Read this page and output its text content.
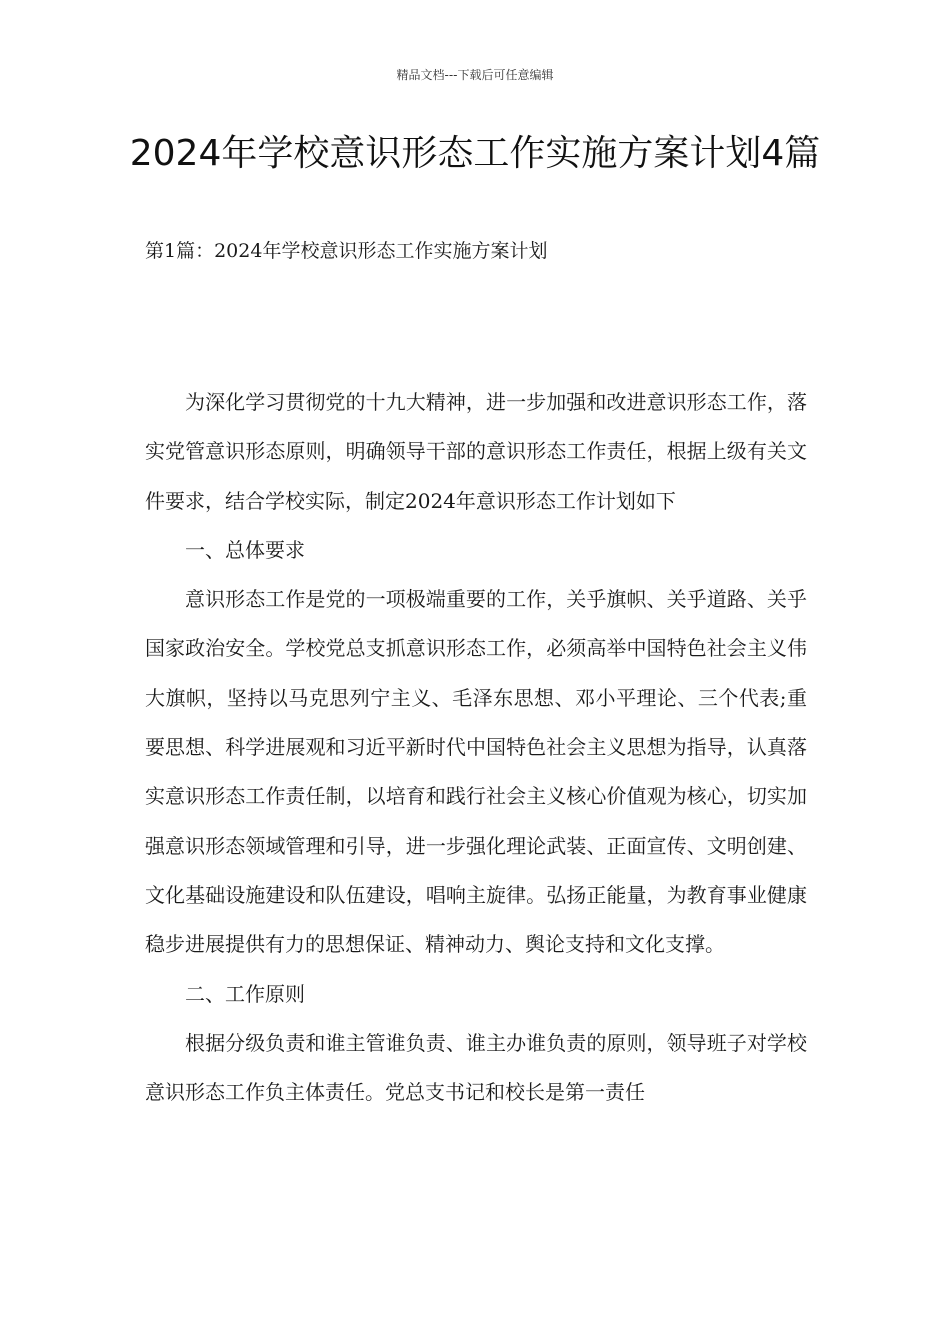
精品文档---下载后可任意编辑
2024年学校意识形态工作实施方案计划4篇
第1篇：2024年学校意识形态工作实施方案计划

为深化学习贯彻党的十九大精神，进一步加强和改进意识形态工作，落实党管意识形态原则，明确领导干部的意识形态工作责任，根据上级有关文件要求，结合学校实际，制定2024年意识形态工作计划如下

一、总体要求

意识形态工作是党的一项极端重要的工作，关乎旗帜、关乎道路、关乎国家政治安全。学校党总支抓意识形态工作，必须高举中国特色社会主义伟大旗帜，坚持以马克思列宁主义、毛泽东思想、邓小平理论、三个代表;重要思想、科学进展观和习近平新时代中国特色社会主义思想为指导，认真落实意识形态工作责任制，以培育和践行社会主义核心价值观为核心，切实加强意识形态领域管理和引导，进一步强化理论武装、正面宣传、文明创建、文化基础设施建设和队伍建设，唱响主旋律。弘扬正能量，为教育事业健康稳步进展提供有力的思想保证、精神动力、舆论支持和文化支撑。

二、工作原则

根据分级负责和谁主管谁负责、谁主办谁负责的原则，领导班子对学校意识形态工作负主体责任。党总支书记和校长是第一责任
